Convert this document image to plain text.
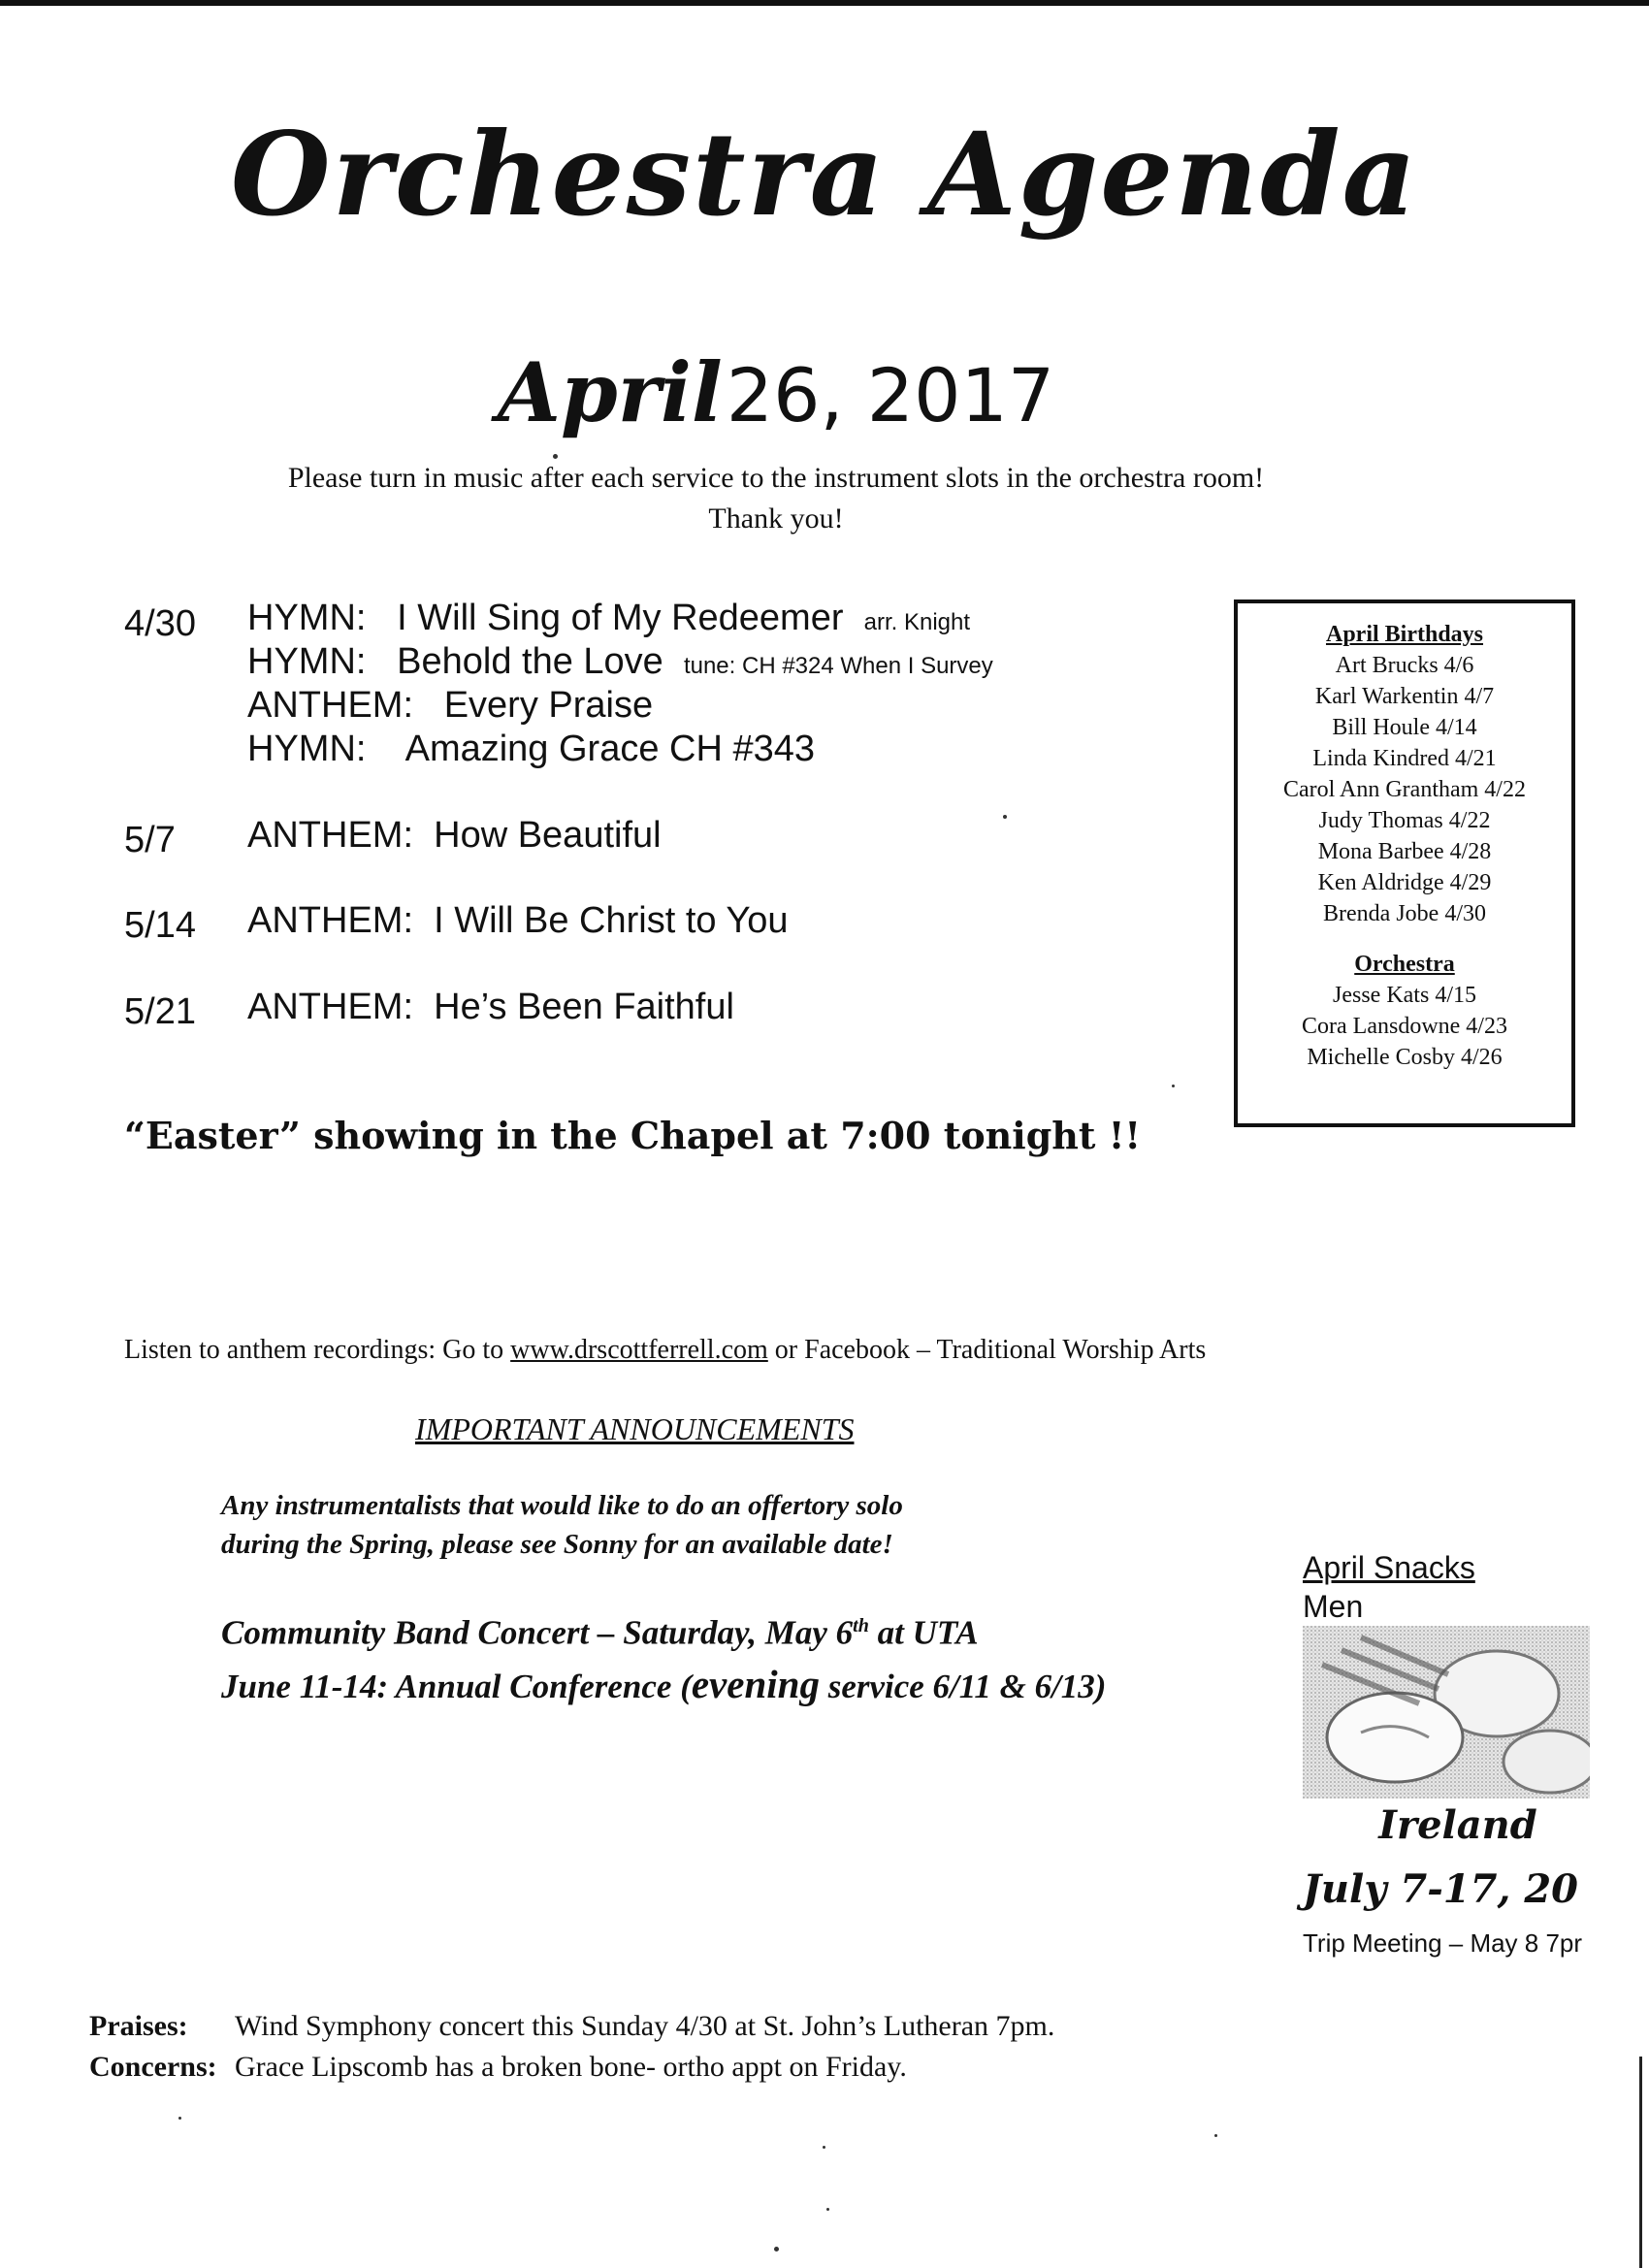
Orchestra Agenda
April 26, 2017
Please turn in music after each service to the instrument slots in the orchestra room!
Thank you!
4/30 HYMN: I Will Sing of My Redeemer arr. Knight
HYMN: Behold the Love tune: CH #324 When I Survey
ANTHEM: Every Praise
HYMN: Amazing Grace CH #343
5/7 ANTHEM: How Beautiful
5/14 ANTHEM: I Will Be Christ to You
5/21 ANTHEM: He’s Been Faithful
“Easter” showing in the Chapel at 7:00 tonight !!
April Birthdays
Art Brucks 4/6
Karl Warkentin 4/7
Bill Houle 4/14
Linda Kindred 4/21
Carol Ann Grantham 4/22
Judy Thomas 4/22
Mona Barbee 4/28
Ken Aldridge 4/29
Brenda Jobe 4/30
Orchestra
Jesse Kats 4/15
Cora Lansdowne 4/23
Michelle Cosby 4/26
Listen to anthem recordings: Go to www.drscottferrell.com or Facebook – Traditional Worship Arts
IMPORTANT ANNOUNCEMENTS
Any instrumentalists that would like to do an offertory solo
during the Spring, please see Sonny for an available date!
Community Band Concert – Saturday, May 6th at UTA
June 11-14: Annual Conference (evening service 6/11 & 6/13)
April Snacks
Men
Ireland
July 7-17, 20
Trip Meeting – May 8 7pr
Praises: Wind Symphony concert this Sunday 4/30 at St. John’s Lutheran 7pm.
Concerns: Grace Lipscomb has a broken bone- ortho appt on Friday.
